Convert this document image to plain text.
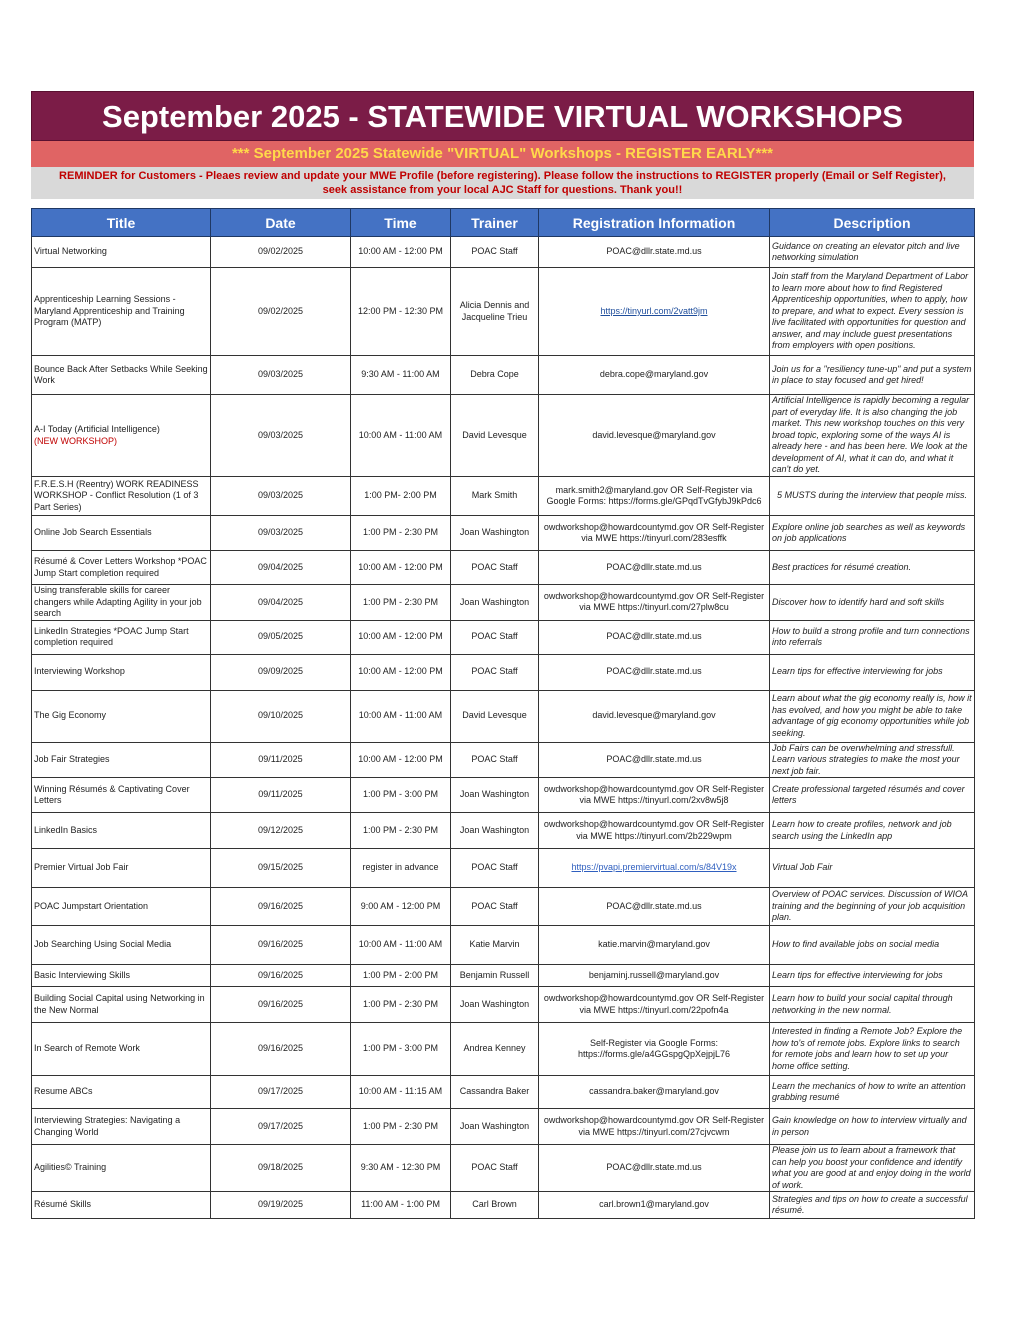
September 2025 - STATEWIDE VIRTUAL WORKSHOPS
*** September 2025 Statewide "VIRTUAL" Workshops - REGISTER EARLY***
REMINDER for Customers - Pleaes review and update your MWE Profile (before registering). Please follow the instructions to REGISTER properly (Email or Self Register),
seek assistance from your local AJC Staff for questions. Thank you!!
Title	Date	Time	Trainer	Registration Information	Description
Virtual Networking	09/02/2025	10:00 AM - 12:00 PM	POAC Staff	POAC@dllr.state.md.us	Guidance on creating an elevator pitch and live networking simulation
Apprenticeship Learning Sessions - Maryland Apprenticeship and Training Program (MATP)	09/02/2025	12:00 PM - 12:30 PM	Alicia Dennis and Jacqueline Trieu	https://tinyurl.com/2vatt9jm	Join staff from the Maryland Department of Labor to learn more about how to find Registered Apprenticeship opportunities, when to apply, how to prepare, and what to expect. Every session is live facilitated with opportunities for question and answer, and may include guest presentations from employers with open positions.
Bounce Back After Setbacks While Seeking Work	09/03/2025	9:30 AM - 11:00 AM	Debra Cope	debra.cope@maryland.gov	Join us for a "resiliency tune-up" and put a system in place to stay focused and get hired!
A-I Today (Artificial Intelligence)
(NEW WORKSHOP)	09/03/2025	10:00 AM - 11:00 AM	David Levesque	david.levesque@maryland.gov	Artificial Intelligence is rapidly becoming a regular part of everyday life. It is also changing the job market. This new workshop touches on this very broad topic, exploring some of the ways AI is already here - and has been here. We look at the development of AI, what it can do, and what it can't do yet.
F.R.E.S.H (Reentry) WORK READINESS WORKSHOP - Conflict Resolution (1 of 3 Part Series)	09/03/2025	1:00 PM- 2:00 PM	Mark Smith	mark.smith2@maryland.gov OR Self-Register via Google Forms: https://forms.gle/GPqdTvGfybJ9kPdc6	5 MUSTS during the interview that people miss.
Online Job Search Essentials	09/03/2025	1:00 PM - 2:30 PM	Joan Washington	owdworkshop@howardcountymd.gov OR Self-Register via MWE https://tinyurl.com/283esffk	Explore online job searches as well as keywords on job applications
Résumé & Cover Letters Workshop *POAC Jump Start completion required	09/04/2025	10:00 AM - 12:00 PM	POAC Staff	POAC@dllr.state.md.us	Best practices for résumé creation.
Using transferable skills for career changers while Adapting Agility in your job search	09/04/2025	1:00 PM - 2:30 PM	Joan Washington	owdworkshop@howardcountymd.gov OR Self-Register via MWE https://tinyurl.com/27plw8cu	Discover how to identify hard and soft skills
LinkedIn Strategies *POAC Jump Start completion required	09/05/2025	10:00 AM - 12:00 PM	POAC Staff	POAC@dllr.state.md.us	How to build a strong profile and turn connections into referrals
Interviewing Workshop	09/09/2025	10:00 AM - 12:00 PM	POAC Staff	POAC@dllr.state.md.us	Learn tips for effective interviewing for jobs
The Gig Economy	09/10/2025	10:00 AM - 11:00 AM	David Levesque	david.levesque@maryland.gov	Learn about what the gig economy really is, how it has evolved, and how you might be able to take advantage of gig economy opportunities while job seeking.
Job Fair Strategies	09/11/2025	10:00 AM - 12:00 PM	POAC Staff	POAC@dllr.state.md.us	Job Fairs can be overwhelming and stressfull. Learn various strategies to make the most your next job fair.
Winning Résumés & Captivating Cover Letters	09/11/2025	1:00 PM - 3:00 PM	Joan Washington	owdworkshop@howardcountymd.gov OR Self-Register via MWE https://tinyurl.com/2xv8w5j8	Create professional targeted résumés and cover letters
LinkedIn Basics	09/12/2025	1:00 PM - 2:30 PM	Joan Washington	owdworkshop@howardcountymd.gov OR Self-Register via MWE https://tinyurl.com/2b229wpm	Learn how to create profiles, network and job search using the LinkedIn app
Premier Virtual Job Fair	09/15/2025	register in advance	POAC Staff	https://pvapi.premiervirtual.com/s/84V19x	Virtual Job Fair
POAC Jumpstart Orientation	09/16/2025	9:00 AM - 12:00 PM	POAC Staff	POAC@dllr.state.md.us	Overview of POAC services. Discussion of WIOA training and the beginning of your job acquisition plan.
Job Searching Using Social Media	09/16/2025	10:00 AM - 11:00 AM	Katie Marvin	katie.marvin@maryland.gov	How to find available jobs on social media
Basic Interviewing Skills	09/16/2025	1:00 PM - 2:00 PM	Benjamin Russell	benjaminj.russell@maryland.gov	Learn tips for effective interviewing for jobs
Building Social Capital using Networking in the New Normal	09/16/2025	1:00 PM - 2:30 PM	Joan Washington	owdworkshop@howardcountymd.gov OR Self-Register via MWE https://tinyurl.com/22pofn4a	Learn how to build your social capital through networking in the new normal.
In Search of Remote Work	09/16/2025	1:00 PM - 3:00 PM	Andrea Kenney	Self-Register via Google Forms: https://forms.gle/a4GGspgQpXejpjL76	Interested in finding a Remote Job? Explore the how to's of remote jobs. Explore links to search for remote jobs and learn how to set up your home office setting.
Resume ABCs	09/17/2025	10:00 AM - 11:15 AM	Cassandra Baker	cassandra.baker@maryland.gov	Learn the mechanics of how to write an attention grabbing resumé
Interviewing Strategies: Navigating a Changing World	09/17/2025	1:00 PM - 2:30 PM	Joan Washington	owdworkshop@howardcountymd.gov OR Self-Register via MWE https://tinyurl.com/27cjvcwm	Gain knowledge on how to interview virtually and in person
Agilities© Training	09/18/2025	9:30 AM - 12:30 PM	POAC Staff	POAC@dllr.state.md.us	Please join us to learn about a framework that can help you boost your confidence and identify what you are good at and enjoy doing in the world of work.
Résumé Skills	09/19/2025	11:00 AM - 1:00 PM	Carl Brown	carl.brown1@maryland.gov	Strategies and tips on how to create a successful résumé.
